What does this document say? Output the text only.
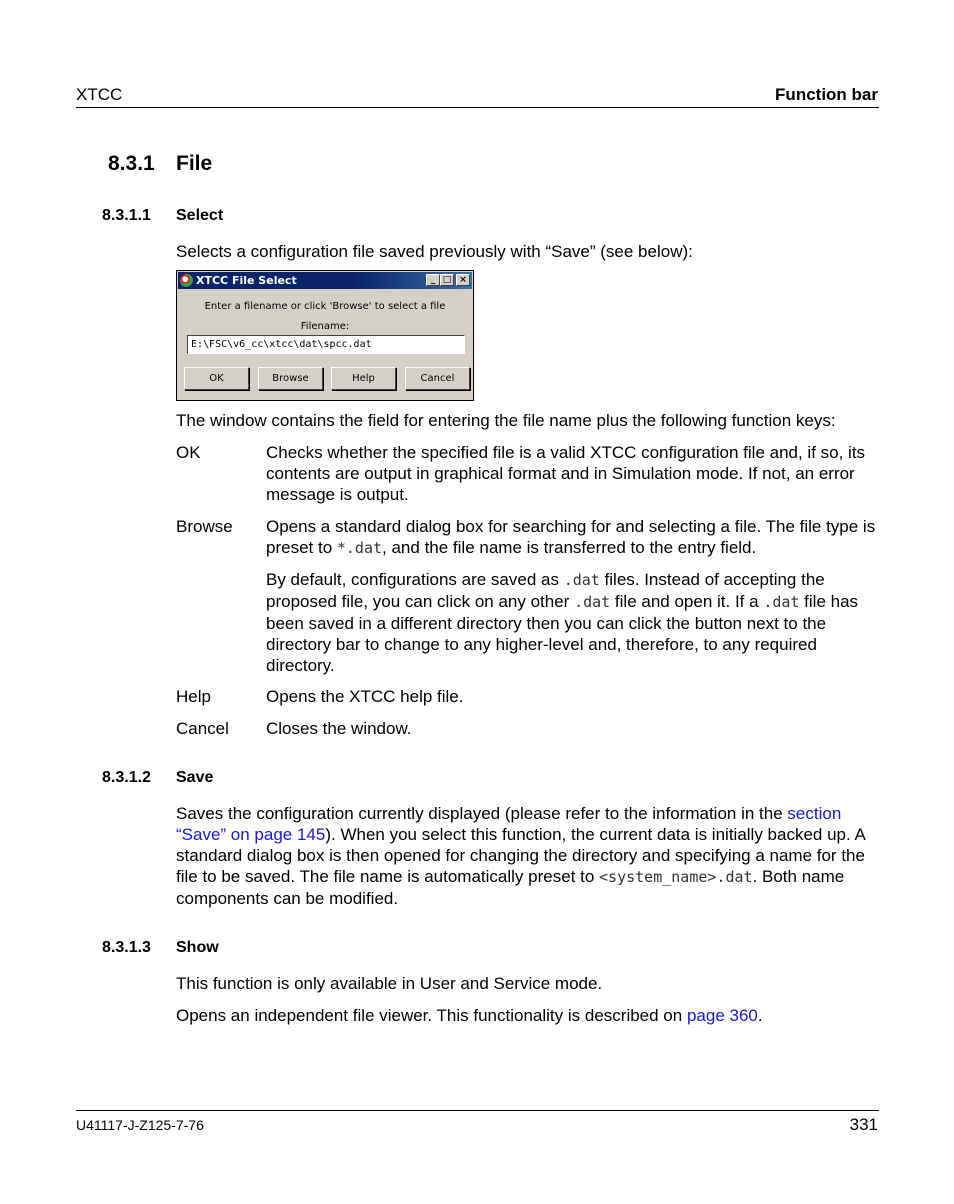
XTCC	Function bar
8.3.1 File
8.3.1.1 Select
Selects a configuration file saved previously with “Save” (see below):
XTCC File Select	_ □ ×
Enter a filename or click 'Browse' to select a file
Filename:
E:\FSC\v6_cc\xtcc\dat\spcc.dat
OK	Browse	Help	Cancel
The window contains the field for entering the file name plus the following function keys:
OK	Checks whether the specified file is a valid XTCC configuration file and, if so, its contents are output in graphical format and in Simulation mode. If not, an error message is output.
Browse Opens a standard dialog box for searching for and selecting a file. The file type is preset to *.dat, and the file name is transferred to the entry field.
By default, configurations are saved as .dat files. Instead of accepting the proposed file, you can click on any other .dat file and open it. If a .dat file has been saved in a different directory then you can click the button next to the directory bar to change to any higher-level and, therefore, to any required directory.
Help	Opens the XTCC help file.
Cancel Closes the window.
8.3.1.2 Save
Saves the configuration currently displayed (please refer to the information in the section “Save” on page 145). When you select this function, the current data is initially backed up. A standard dialog box is then opened for changing the directory and specifying a name for the file to be saved. The file name is automatically preset to <system_name>.dat. Both name components can be modified.
8.3.1.3 Show
This function is only available in User and Service mode.
Opens an independent file viewer. This functionality is described on page 360.
U41117-J-Z125-7-76	331
